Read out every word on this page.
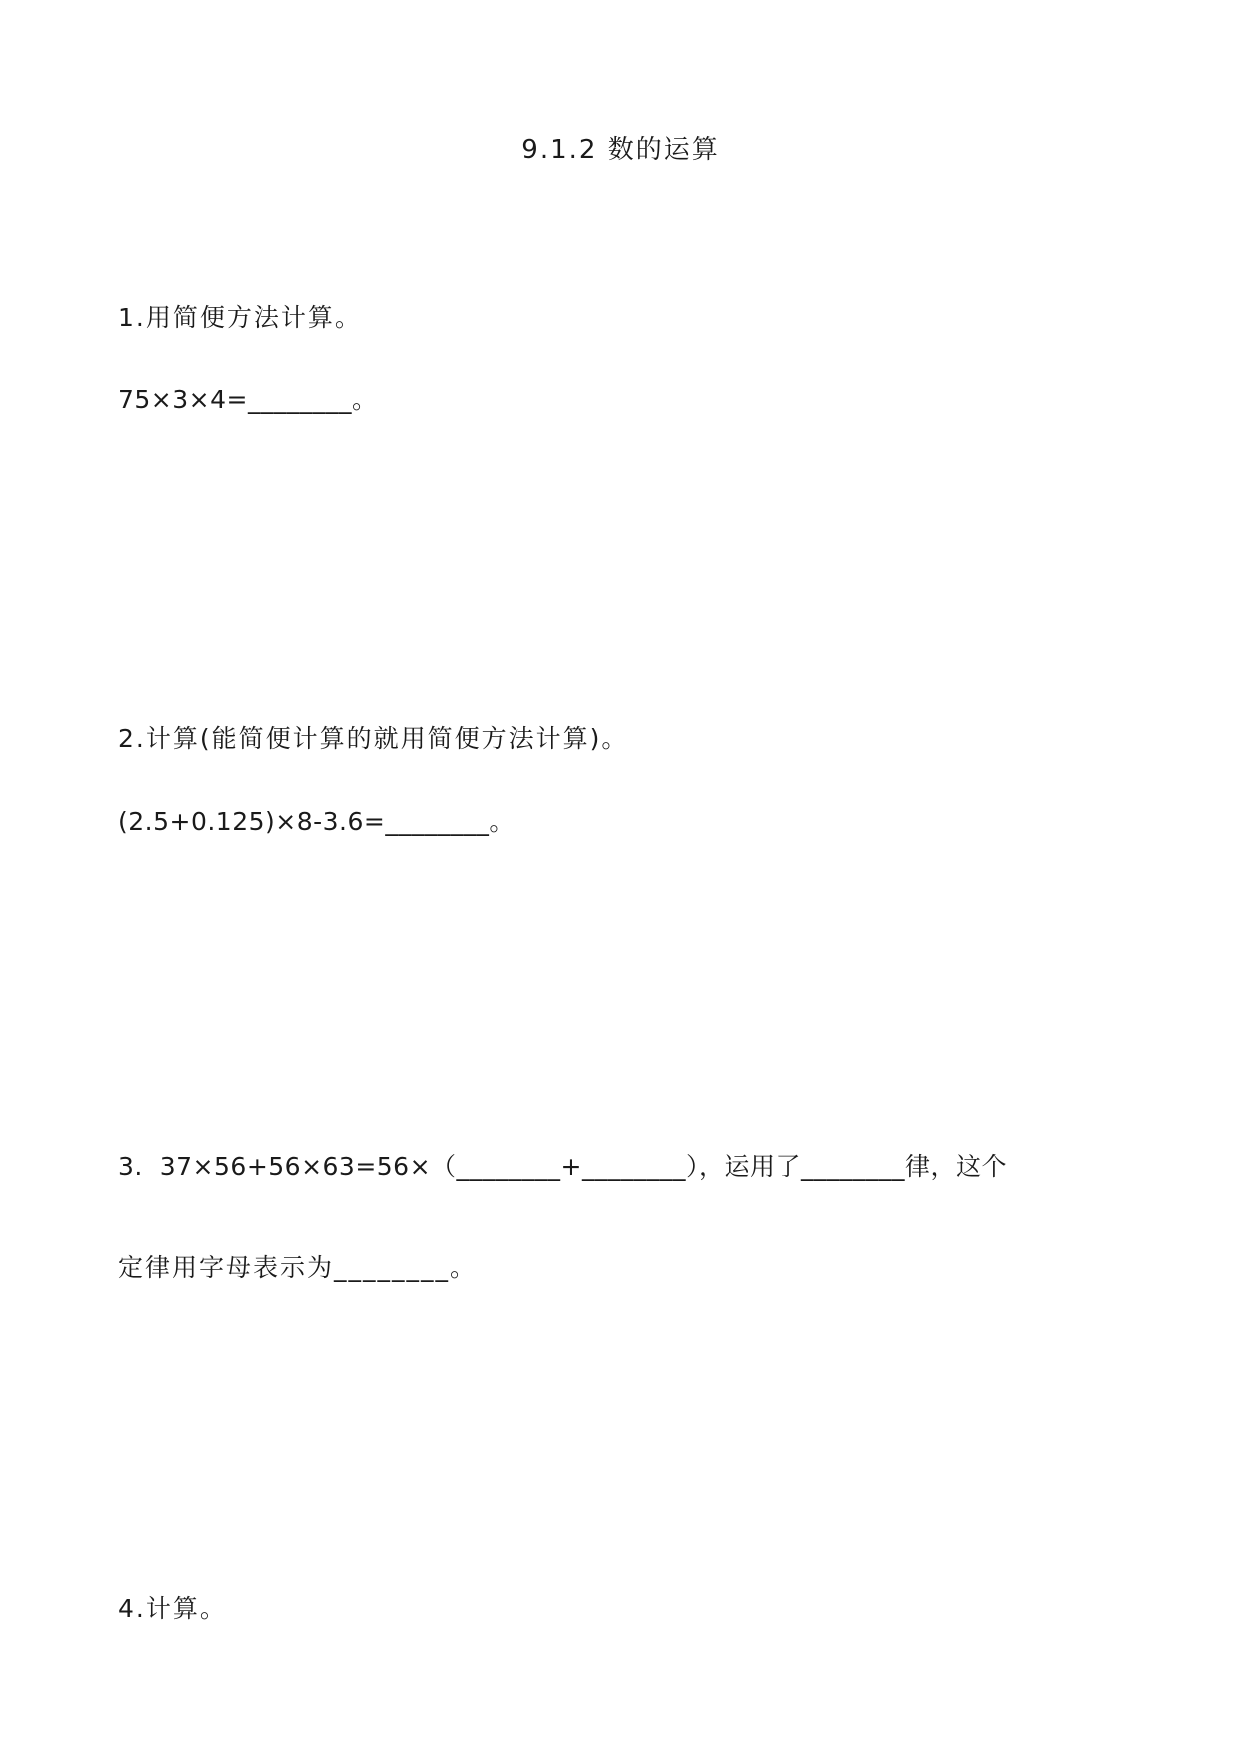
9.1.2 数的运算
1.用简便方法计算。
75×3×4=________。
2.计算(能简便计算的就用简便方法计算)。
(2.5+0.125)×8-3.6=________。
3.  37×56+56×63=56×（________+________），运用了________律，这个
定律用字母表示为________。
4.计算。
